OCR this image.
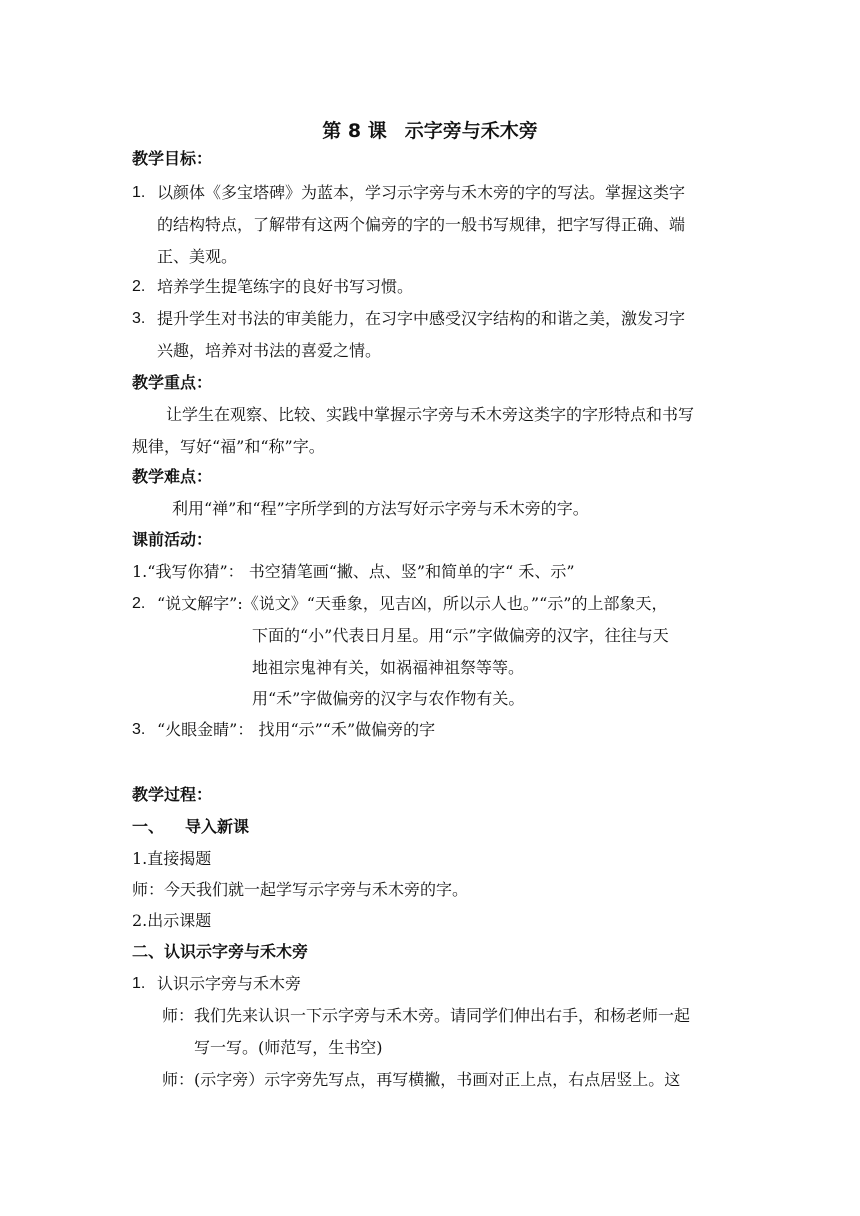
第 8 课 示字旁与禾木旁
教学目标：
1. 以颜体《多宝塔碑》为蓝本，学习示字旁与禾木旁的字的写法。掌握这类字
的结构特点，了解带有这两个偏旁的字的一般书写规律，把字写得正确、端
正、美观。
2. 培养学生提笔练字的良好书写习惯。
3. 提升学生对书法的审美能力，在习字中感受汉字结构的和谐之美，激发习字
兴趣，培养对书法的喜爱之情。
教学重点：
让学生在观察、比较、实践中掌握示字旁与禾木旁这类字的字形特点和书写
规律，写好“福”和“称”字。
教学难点：
利用“禅”和“程”字所学到的方法写好示字旁与禾木旁的字。
课前活动：
1.“我写你猜”： 书空猜笔画“撇、点、竖”和简单的字“ 禾、示”
2. “说文解字”:《说文》“天垂象，见吉凶，所以示人也。”“示”的上部象天，
下面的“小”代表日月星。用“示”字做偏旁的汉字，往往与天
地祖宗鬼神有关，如祸福神祖祭等等。
用“禾”字做偏旁的汉字与农作物有关。
3. “火眼金睛”： 找用“示”“禾”做偏旁的字
教学过程：
一、 导入新课
1.直接揭题
师：今天我们就一起学写示字旁与禾木旁的字。
2.出示课题
二、认识示字旁与禾木旁
1. 认识示字旁与禾木旁
师：我们先来认识一下示字旁与禾木旁。请同学们伸出右手，和杨老师一起
写一写。(师范写，生书空)
师：(示字旁）示字旁先写点，再写横撇，书画对正上点，右点居竖上。这
